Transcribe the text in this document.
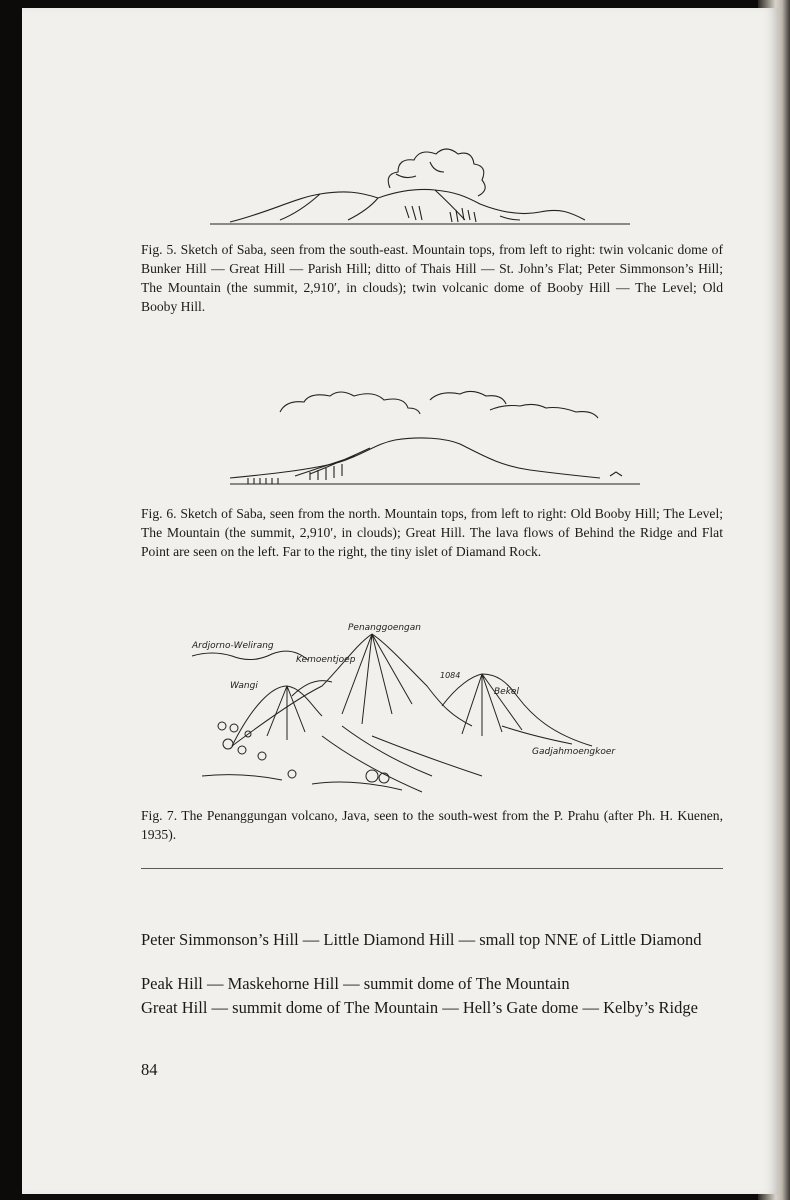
Fig. 5. Sketch of Saba, seen from the south-east. Mountain tops, from left to right: twin volcanic dome of Bunker Hill — Great Hill — Parish Hill; ditto of Thais Hill — St. John’s Flat; Peter Simmonson’s Hill; The Mountain (the summit, 2,910′, in clouds); twin volcanic dome of Booby Hill — The Level; Old Booby Hill.

Fig. 6. Sketch of Saba, seen from the north. Mountain tops, from left to right: Old Booby Hill; The Level; The Mountain (the summit, 2,910′, in clouds); Great Hill. The lava flows of Behind the Ridge and Flat Point are seen on the left. Far to the right, the tiny islet of Diamand Rock.

Penanggoengan
Ardjorno-Welirang
Kemoentjoep
Wangi
1084
Bekel
Gadjahmoengkoer

Fig. 7. The Penanggungan volcano, Java, seen to the south-west from the P. Prahu (after Ph. H. Kuenen, 1935).

Peter Simmonson’s Hill — Little Diamond Hill — small top NNE of Little Diamond

Peak Hill — Maskehorne Hill — summit dome of The Mountain

Great Hill — summit dome of The Mountain — Hell’s Gate dome — Kelby’s Ridge

84
